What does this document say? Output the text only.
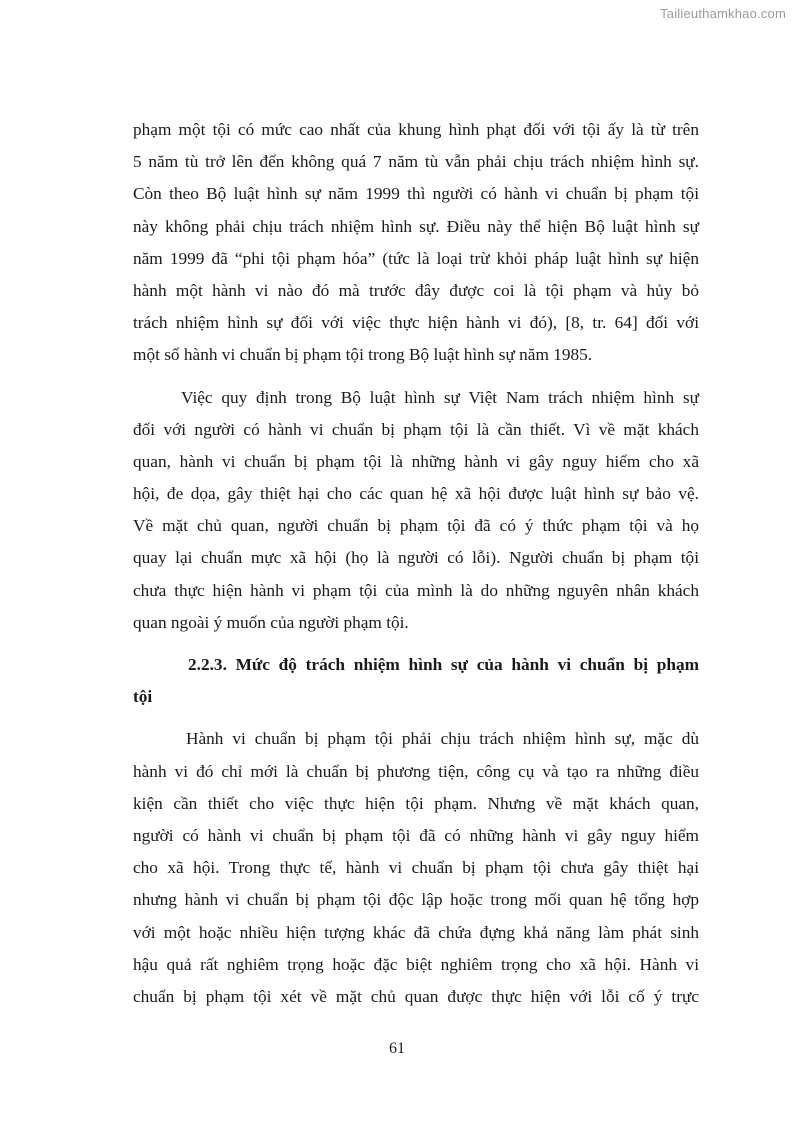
Tailieuthamkhao.com
phạm một tội có mức cao nhất của khung hình phạt đối với tội ấy là từ trên
5 năm tù trở lên đến không quá 7 năm tù vẫn phải chịu trách nhiệm hình sự.
Còn theo Bộ luật hình sự năm 1999 thì người có hành vi chuẩn bị phạm tội
này không phải chịu trách nhiệm hình sự. Điều này thể hiện Bộ luật hình sự
năm 1999 đã “phi tội phạm hóa” (tức là loại trừ khỏi pháp luật hình sự hiện
hành một hành vi nào đó mà trước đây được coi là tội phạm và hủy bỏ
trách nhiệm hình sự đối với việc thực hiện hành vi đó), [8, tr. 64] đối với
một số hành vi chuẩn bị phạm tội trong Bộ luật hình sự năm 1985.
Việc quy định trong Bộ luật hình sự Việt Nam trách nhiệm hình sự
đối với người có hành vi chuẩn bị phạm tội là cần thiết. Vì về mặt khách
quan, hành vi chuẩn bị phạm tội là những hành vi gây nguy hiểm cho xã
hội, đe dọa, gây thiệt hại cho các quan hệ xã hội được luật hình sự bảo vệ.
Về mặt chủ quan, người chuẩn bị phạm tội đã có ý thức phạm tội và họ
quay lại chuẩn mực xã hội (họ là người có lỗi). Người chuẩn bị phạm tội
chưa thực hiện hành vi phạm tội của mình là do những nguyên nhân khách
quan ngoài ý muốn của người phạm tội.
2.2.3. Mức độ trách nhiệm hình sự của hành vi chuẩn bị phạm
tội
Hành vi chuẩn bị phạm tội phải chịu trách nhiệm hình sự, mặc dù
hành vi đó chỉ mới là chuẩn bị phương tiện, công cụ và tạo ra những điều
kiện cần thiết cho việc thực hiện tội phạm. Nhưng về mặt khách quan,
người có hành vi chuẩn bị phạm tội đã có những hành vi gây nguy hiểm
cho xã hội. Trong thực tế, hành vi chuẩn bị phạm tội chưa gây thiệt hại
nhưng hành vi chuẩn bị phạm tội độc lập hoặc trong mối quan hệ tổng hợp
với một hoặc nhiều hiện tượng khác đã chứa đựng khả năng làm phát sinh
hậu quả rất nghiêm trọng hoặc đặc biệt nghiêm trọng cho xã hội. Hành vi
chuẩn bị phạm tội xét về mặt chủ quan được thực hiện với lỗi cố ý trực
61
